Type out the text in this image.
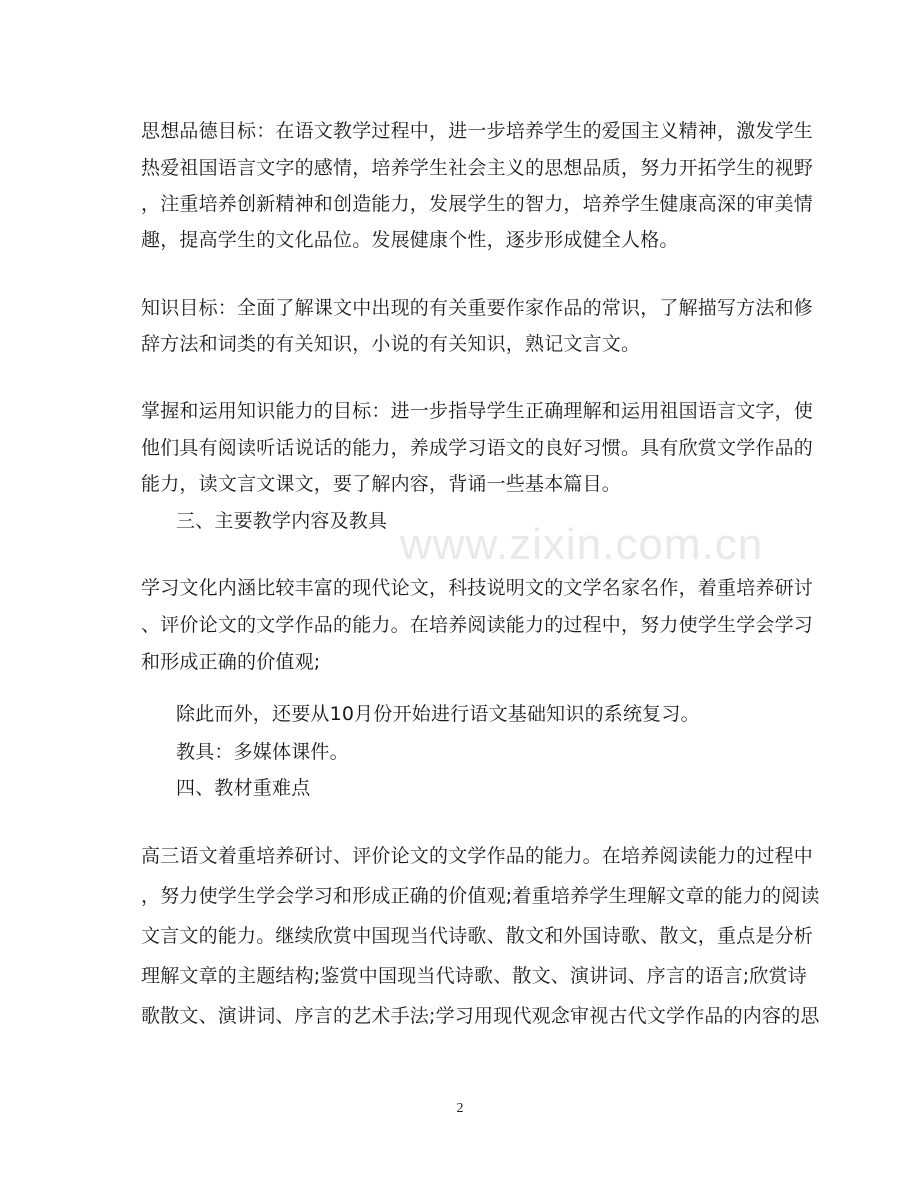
www.zixin.com.cn
思想品德目标：在语文教学过程中，进一步培养学生的爱国主义精神，激发学生
热爱祖国语言文字的感情，培养学生社会主义的思想品质，努力开拓学生的视野
，注重培养创新精神和创造能力，发展学生的智力，培养学生健康高深的审美情
趣，提高学生的文化品位。发展健康个性，逐步形成健全人格。
知识目标：全面了解课文中出现的有关重要作家作品的常识，了解描写方法和修
辞方法和词类的有关知识，小说的有关知识，熟记文言文。
掌握和运用知识能力的目标：进一步指导学生正确理解和运用祖国语言文字，使
他们具有阅读听话说话的能力，养成学习语文的良好习惯。具有欣赏文学作品的
能力，读文言文课文，要了解内容，背诵一些基本篇目。
三、主要教学内容及教具
学习文化内涵比较丰富的现代论文，科技说明文的文学名家名作，着重培养研讨
、评价论文的文学作品的能力。在培养阅读能力的过程中，努力使学生学会学习
和形成正确的价值观;
除此而外，还要从10月份开始进行语文基础知识的系统复习。
教具：多媒体课件。
四、教材重难点
高三语文着重培养研讨、评价论文的文学作品的能力。在培养阅读能力的过程中
，努力使学生学会学习和形成正确的价值观;着重培养学生理解文章的能力的阅读
文言文的能力。继续欣赏中国现当代诗歌、散文和外国诗歌、散文，重点是分析
理解文章的主题结构;鉴赏中国现当代诗歌、散文、演讲词、序言的语言;欣赏诗
歌散文、演讲词、序言的艺术手法;学习用现代观念审视古代文学作品的内容的思
2
